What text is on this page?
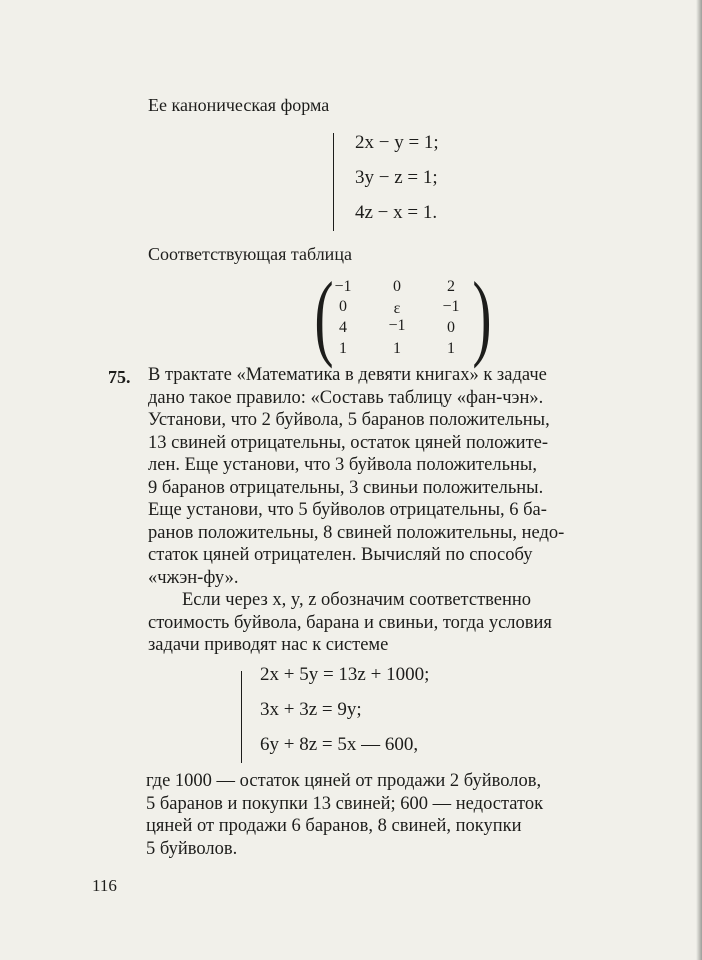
Ее каноническая форма
2x − y = 1;
3y − z = 1;
4z − x = 1.
Соответствующая таблица
( )
−1	0	2
0	ε	−1
4	−1	0
1	1	1
75. В трактате «Математика в девяти книгах» к задаче
дано такое правило: «Составь таблицу «фан-чэн».
Установи, что 2 буйвола, 5 баранов положительны,
13 свиней отрицательны, остаток цяней положите-
лен. Еще установи, что 3 буйвола положительны,
9 баранов отрицательны, 3 свиньи положительны.
Еще установи, что 5 буйволов отрицательны, 6 ба-
ранов положительны, 8 свиней положительны, недо-
статок цяней отрицателен. Вычисляй по способу
«чжэн-фу».
Если через x, y, z обозначим соответственно
стоимость буйвола, барана и свиньи, тогда условия
задачи приводят нас к системе
2x + 5y = 13z + 1000;
3x + 3z = 9y;
6y + 8z = 5x — 600,
где 1000 — остаток цяней от продажи 2 буйволов,
5 баранов и покупки 13 свиней; 600 — недостаток
цяней от продажи 6 баранов, 8 свиней, покупки
5 буйволов.
116
